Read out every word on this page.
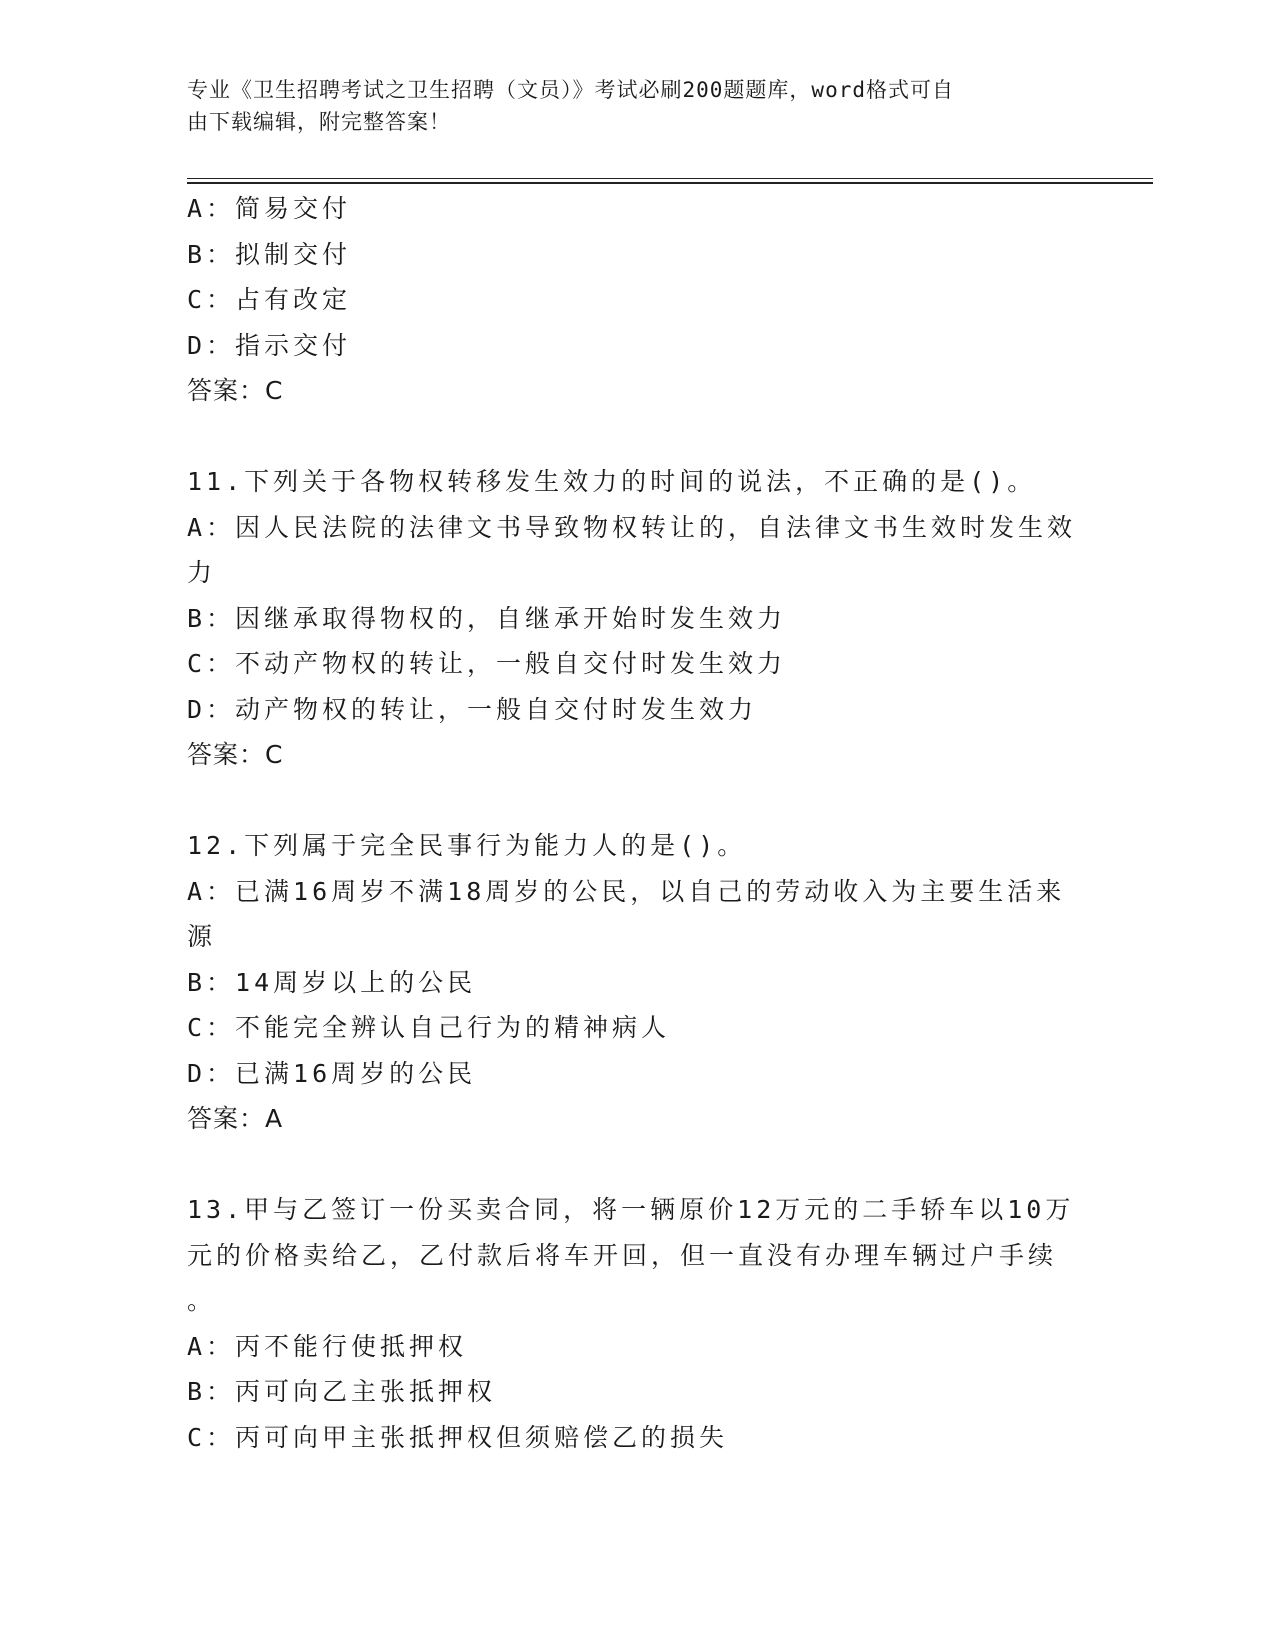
专业《卫生招聘考试之卫生招聘（文员）》考试必刷200题题库，word格式可自
由下载编辑，附完整答案！
A：简易交付
B：拟制交付
C：占有改定
D：指示交付
答案：C
11.下列关于各物权转移发生效力的时间的说法，不正确的是()。
A：因人民法院的法律文书导致物权转让的，自法律文书生效时发生效
力
B：因继承取得物权的，自继承开始时发生效力
C：不动产物权的转让，一般自交付时发生效力
D：动产物权的转让，一般自交付时发生效力
答案：C
12.下列属于完全民事行为能力人的是()。
A：已满16周岁不满18周岁的公民，以自己的劳动收入为主要生活来
源
B：14周岁以上的公民
C：不能完全辨认自己行为的精神病人
D：已满16周岁的公民
答案：A
13.甲与乙签订一份买卖合同，将一辆原价12万元的二手轿车以10万
元的价格卖给乙，乙付款后将车开回，但一直没有办理车辆过户手续
。
A：丙不能行使抵押权
B：丙可向乙主张抵押权
C：丙可向甲主张抵押权但须赔偿乙的损失
